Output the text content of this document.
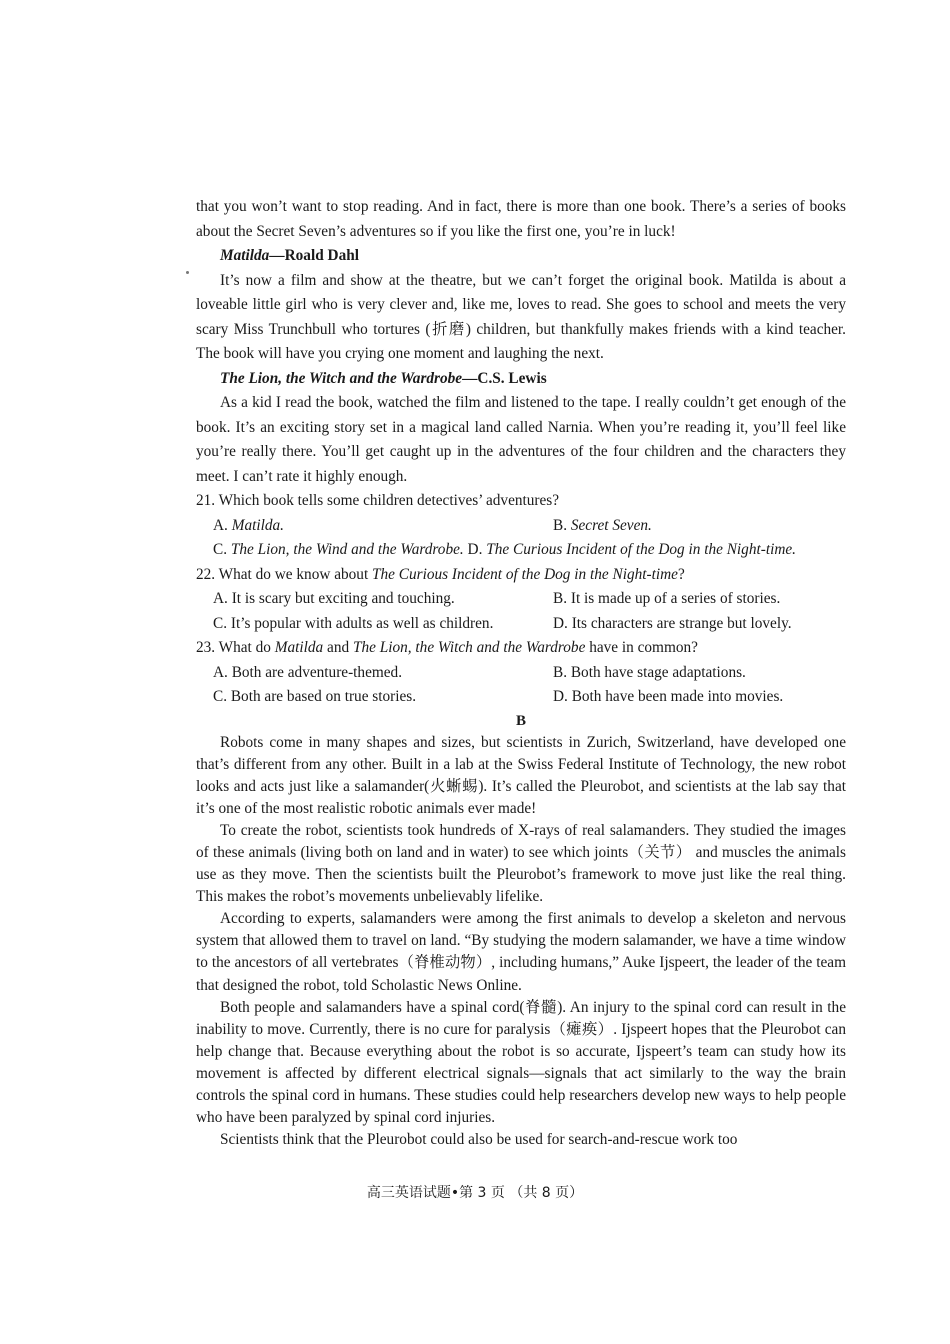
that you won’t want to stop reading. And in fact, there is more than one book. There’s a series of books about the Secret Seven’s adventures so if you like the first one, you’re in luck!

Matilda—Roald Dahl

It’s now a film and show at the theatre, but we can’t forget the original book. Matilda is about a loveable little girl who is very clever and, like me, loves to read. She goes to school and meets the very scary Miss Trunchbull who tortures (折磨) children, but thankfully makes friends with a kind teacher. The book will have you crying one moment and laughing the next.

The Lion, the Witch and the Wardrobe—C.S. Lewis

As a kid I read the book, watched the film and listened to the tape. I really couldn’t get enough of the book. It’s an exciting story set in a magical land called Narnia. When you’re reading it, you’ll feel like you’re really there. You’ll get caught up in the adventures of the four children and the characters they meet. I can’t rate it highly enough.

21. Which book tells some children detectives’ adventures?

A. Matilda.	B. Secret Seven.
C. The Lion, the Wind and the Wardrobe. D. The Curious Incident of the Dog in the Night-time.

22. What do we know about The Curious Incident of the Dog in the Night-time?

A. It is scary but exciting and touching.	B. It is made up of a series of stories.
C. It’s popular with adults as well as children.	D. Its characters are strange but lovely.

23. What do Matilda and The Lion, the Witch and the Wardrobe have in common?

A. Both are adventure-themed.	B. Both have stage adaptations.
C. Both are based on true stories.	D. Both have been made into movies.

B

Robots come in many shapes and sizes, but scientists in Zurich, Switzerland, have developed one that’s different from any other. Built in a lab at the Swiss Federal Institute of Technology, the new robot looks and acts just like a salamander(火蜥蜴). It’s called the Pleurobot, and scientists at the lab say that it’s one of the most realistic robotic animals ever made!

To create the robot, scientists took hundreds of X-rays of real salamanders. They studied the images of these animals (living both on land and in water) to see which joints（关节） and muscles the animals use as they move. Then the scientists built the Pleurobot’s framework to move just like the real thing. This makes the robot’s movements unbelievably lifelike.

According to experts, salamanders were among the first animals to develop a skeleton and nervous system that allowed them to travel on land. “By studying the modern salamander, we have a time window to the ancestors of all vertebrates（脊椎动物）, including humans,” Auke Ijspeert, the leader of the team that designed the robot, told Scholastic News Online.

Both people and salamanders have a spinal cord(脊髓). An injury to the spinal cord can result in the inability to move. Currently, there is no cure for paralysis（瘫痪）. Ijspeert hopes that the Pleurobot can help change that. Because everything about the robot is so accurate, Ijspeert’s team can study how its movement is affected by different electrical signals—signals that act similarly to the way the brain controls the spinal cord in humans. These studies could help researchers develop new ways to help people who have been paralyzed by spinal cord injuries.

Scientists think that the Pleurobot could also be used for search-and-rescue work too

高三英语试题•第 3 页 （共 8 页）
